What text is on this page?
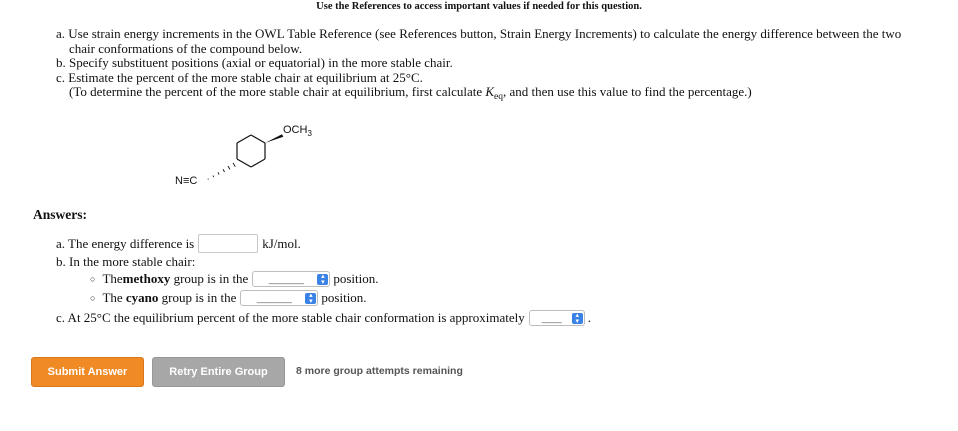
Use the References to access important values if needed for this question.
a. Use strain energy increments in the OWL Table Reference (see References button, Strain Energy Increments) to calculate the energy difference between the two
chair conformations of the compound below.
b. Specify substituent positions (axial or equatorial) in the more stable chair.
c. Estimate the percent of the more stable chair at equilibrium at 25°C.
(To determine the percent of the more stable chair at equilibrium, first calculate $K_{eq}$, and then use this value to find the percentage.)
$OCH_3$
N≡C
Answers:
a. The energy difference is	kJ/mol.
b. In the more stable chair:
○ The methoxy group is in the	_______	▴
▾ position.
○ The cyano group is in the	_______	▴
▾ position.
c. At 25°C the equilibrium percent of the more stable chair conformation is approximately	____	▴
▾ .
Submit Answer	Retry Entire Group	8 more group attempts remaining
